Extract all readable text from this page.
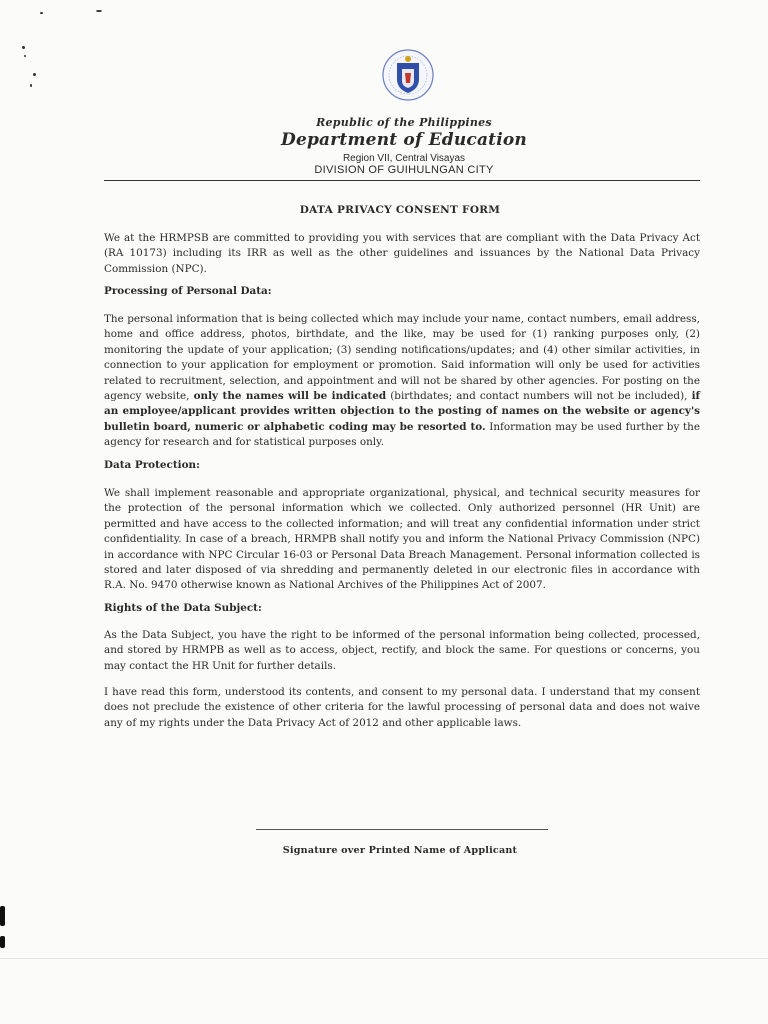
Republic of the Philippines
Department of Education
Region VII, Central Visayas
DIVISION OF GUIHULNGAN CITY
DATA PRIVACY CONSENT FORM
We at the HRMPSB are committed to providing you with services that are compliant with the Data Privacy Act (RA 10173) including its IRR as well as the other guidelines and issuances by the National Data Privacy Commission (NPC).
Processing of Personal Data:
The personal information that is being collected which may include your name, contact numbers, email address, home and office address, photos, birthdate, and the like, may be used for (1) ranking purposes only, (2) monitoring the update of your application; (3) sending notifications/updates; and (4) other similar activities, in connection to your application for employment or promotion. Said information will only be used for activities related to recruitment, selection, and appointment and will not be shared by other agencies. For posting on the agency website, only the names will be indicated (birthdates; and contact numbers will not be included), if an employee/applicant provides written objection to the posting of names on the website or agency's bulletin board, numeric or alphabetic coding may be resorted to. Information may be used further by the agency for research and for statistical purposes only.
Data Protection:
We shall implement reasonable and appropriate organizational, physical, and technical security measures for the protection of the personal information which we collected. Only authorized personnel (HR Unit) are permitted and have access to the collected information; and will treat any confidential information under strict confidentiality. In case of a breach, HRMPB shall notify you and inform the National Privacy Commission (NPC) in accordance with NPC Circular 16-03 or Personal Data Breach Management. Personal information collected is stored and later disposed of via shredding and permanently deleted in our electronic files in accordance with R.A. No. 9470 otherwise known as National Archives of the Philippines Act of 2007.
Rights of the Data Subject:
As the Data Subject, you have the right to be informed of the personal information being collected, processed, and stored by HRMPB as well as to access, object, rectify, and block the same. For questions or concerns, you may contact the HR Unit for further details.
I have read this form, understood its contents, and consent to my personal data. I understand that my consent does not preclude the existence of other criteria for the lawful processing of personal data and does not waive any of my rights under the Data Privacy Act of 2012 and other applicable laws.
Signature over Printed Name of Applicant
